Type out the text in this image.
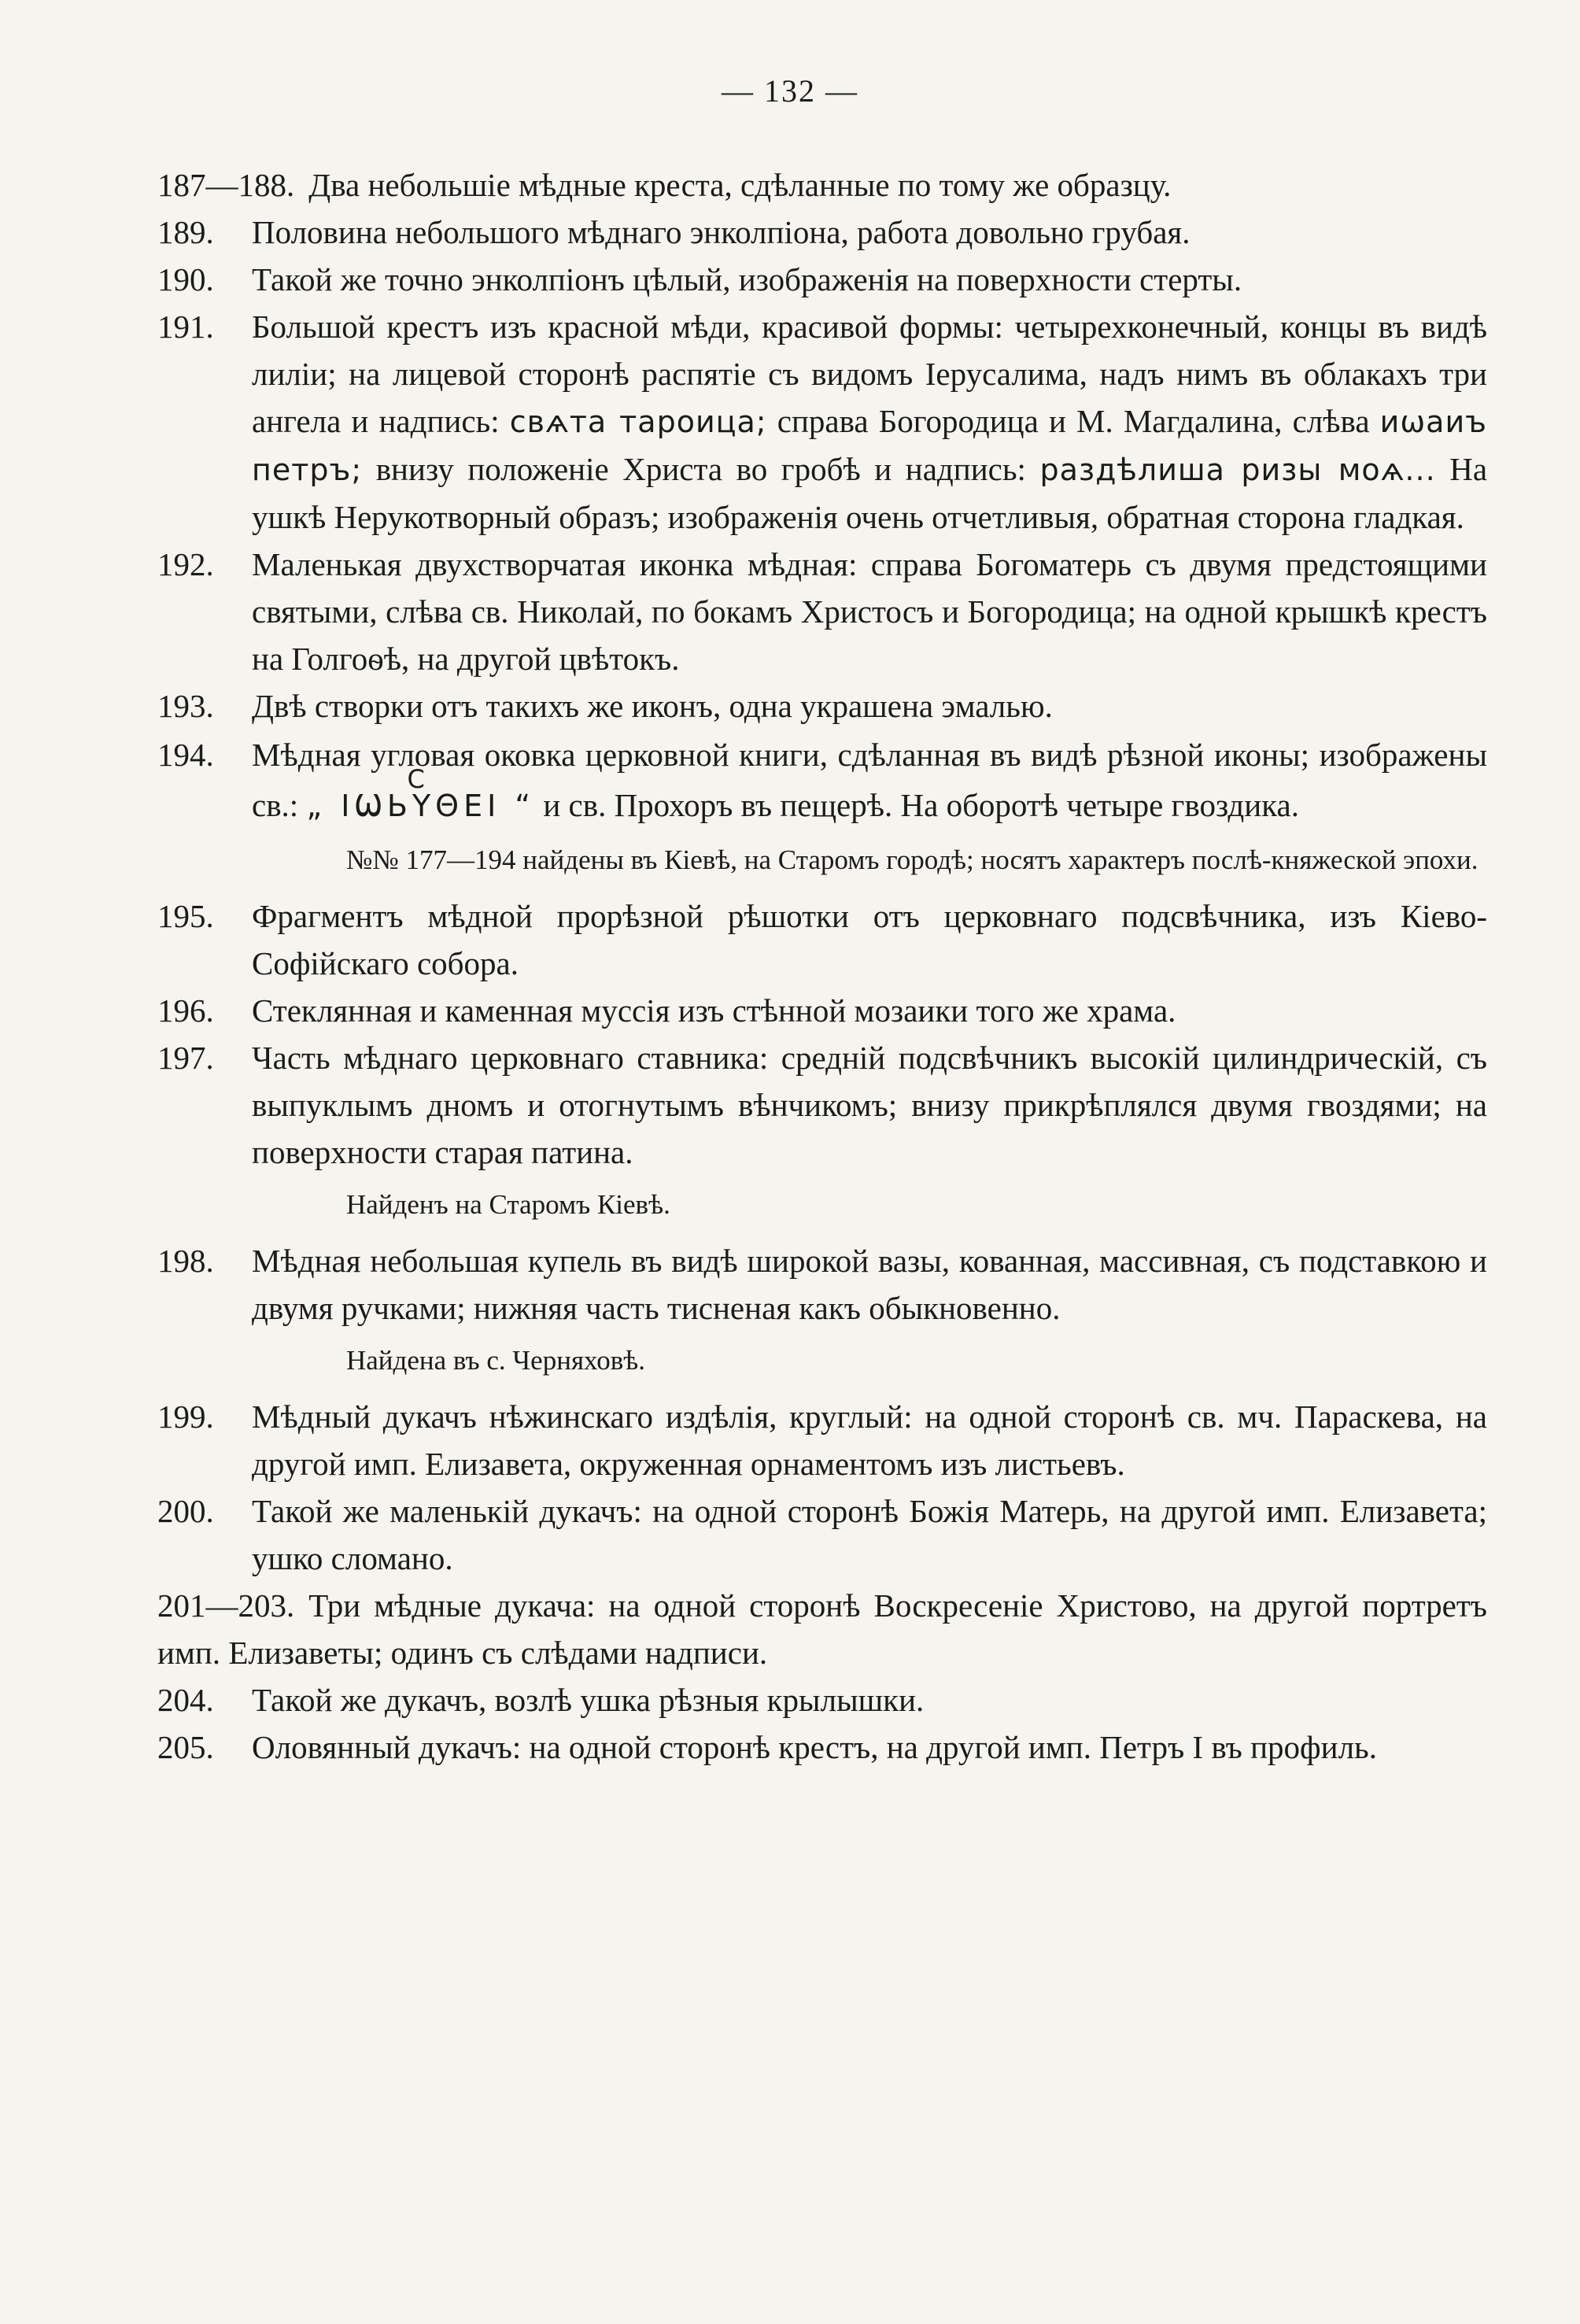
— 132 —

187—188. Два небольшіе мѣдные креста, сдѣланные по тому же образцу.

189. Половина небольшого мѣднаго энколпіона, работа довольно грубая.

190. Такой же точно энколпіонъ цѣлый, изображенія на поверхности стерты.

191. Большой крестъ изъ красной мѣди, красивой формы: четырехконечный, концы въ видѣ лиліи; на лицевой сторонѣ распятіе съ видомъ Іерусалима, надъ нимъ въ облакахъ три ангела и надпись: свѧта тароица; справа Богородица и М. Магдалина, слѣва иѡаиъ петръ; внизу положеніе Христа во гробѣ и надпись: раздѣлиша ризы моѧ... На ушкѣ Нерукотворный образъ; изображенія очень отчетливыя, обратная сторона гладкая.

192. Маленькая двухстворчатая иконка мѣдная: справа Богоматерь съ двумя предстоящими святыми, слѣва св. Николай, по бокамъ Христосъ и Богородица; на одной крышкѣ крестъ на Голгоѳѣ, на другой цвѣтокъ.

193. Двѣ створки отъ такихъ же иконъ, одна украшена эмалью.

194. Мѣдная угловая оковка церковной книги, сдѣланная въ видѣ рѣзной иконы; изображены св.: С „ IѠЬΥΘΕΙ “ и св. Прохоръ въ пещерѣ. На оборотѣ четыре гвоздика.

№№ 177—194 найдены въ Кіевѣ, на Старомъ городѣ; носятъ характеръ послѣ-княжеской эпохи.

195. Фрагментъ мѣдной прорѣзной рѣшотки отъ церковнаго подсвѣчника, изъ Кіево-Софійскаго собора.

196. Стеклянная и каменная муссія изъ стѣнной мозаики того же храма.

197. Часть мѣднаго церковнаго ставника: средній подсвѣчникъ высокій цилиндрическій, съ выпуклымъ дномъ и отогнутымъ вѣнчикомъ; внизу прикрѣплялся двумя гвоздями; на поверхности старая патина.

Найденъ на Старомъ Кіевѣ.

198. Мѣдная небольшая купель въ видѣ широкой вазы, кованная, массивная, съ подставкою и двумя ручками; нижняя часть тисненая какъ обыкновенно.

Найдена въ с. Черняховѣ.

199. Мѣдный дукачъ нѣжинскаго издѣлія, круглый: на одной сторонѣ св. мч. Параскева, на другой имп. Елизавета, окруженная орнаментомъ изъ листьевъ.

200. Такой же маленькій дукачъ: на одной сторонѣ Божія Матерь, на другой имп. Елизавета; ушко сломано.

201—203. Три мѣдные дукача: на одной сторонѣ Воскресеніе Христово, на другой портретъ имп. Елизаветы; одинъ съ слѣдами надписи.

204. Такой же дукачъ, возлѣ ушка рѣзныя крылышки.

205. Оловянный дукачъ: на одной сторонѣ крестъ, на другой имп. Петръ I въ профиль.
